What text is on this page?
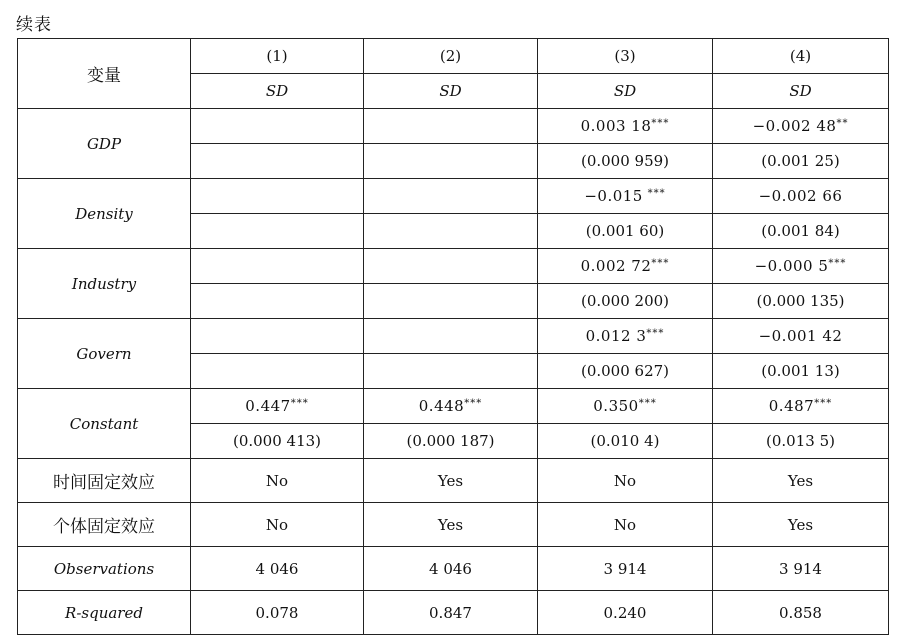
续表
变量	(1)	(2)	(3)	(4)
	SD	SD	SD	SD
GDP			0.003 18***	−0.002 48**
			(0.000 959)	(0.001 25)
Density			−0.015 ***	−0.002 66
			(0.001 60)	(0.001 84)
Industry			0.002 72***	−0.000 5***
			(0.000 200)	(0.000 135)
Govern			0.012 3***	−0.001 42
			(0.000 627)	(0.001 13)
Constant	0.447***	0.448***	0.350***	0.487***
	(0.000 413)	(0.000 187)	(0.010 4)	(0.013 5)
时间固定效应	No	Yes	No	Yes
个体固定效应	No	Yes	No	Yes
Observations	4 046	4 046	3 914	3 914
R-squared	0.078	0.847	0.240	0.858
